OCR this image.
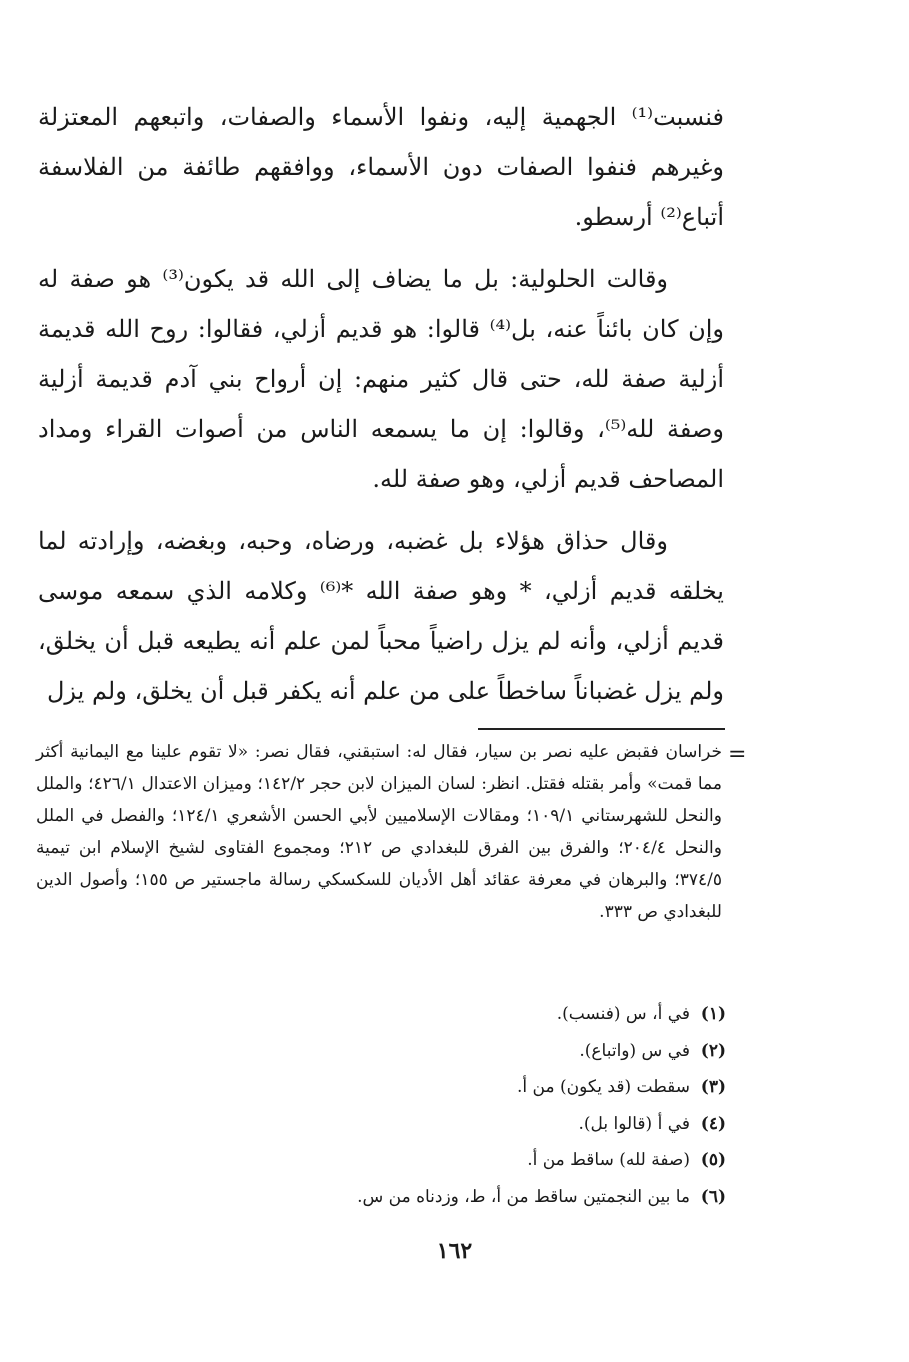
فنسبت⁽¹⁾ الجهمية إليه، ونفوا الأسماء والصفات، واتبعهم المعتزلة وغيرهم فنفوا الصفات دون الأسماء، ووافقهم طائفة من الفلاسفة أتباع⁽²⁾ أرسطو.

وقالت الحلولية: بل ما يضاف إلى الله قد يكون⁽³⁾ هو صفة له وإن كان بائناً عنه، بل⁽⁴⁾ قالوا: هو قديم أزلي، فقالوا: روح الله قديمة أزلية صفة لله، حتى قال كثير منهم: إن أرواح بني آدم قديمة أزلية وصفة لله⁽⁵⁾، وقالوا: إن ما يسمعه الناس من أصوات القراء ومداد المصاحف قديم أزلي، وهو صفة لله.

وقال حذاق هؤلاء بل غضبه، ورضاه، وحبه، وبغضه، وإرادته لما يخلقه قديم أزلي، * وهو صفة الله *⁽⁶⁾ وكلامه الذي سمعه موسى قديم أزلي، وأنه لم يزل راضياً محباً لمن علم أنه يطيعه قبل أن يخلق، ولم يزل غضباناً ساخطاً على من علم أنه يكفر قبل أن يخلق، ولم يزل

=
خراسان فقبض عليه نصر بن سيار، فقال له: استبقني، فقال نصر: «لا تقوم علينا مع اليمانية أكثر مما قمت» وأمر بقتله فقتل. انظر: لسان الميزان لابن حجر ١٤٢/٢؛ وميزان الاعتدال ٤٢٦/١؛ والملل والنحل للشهرستاني ١٠٩/١؛ ومقالات الإسلاميين لأبي الحسن الأشعري ١٢٤/١؛ والفصل في الملل والنحل ٢٠٤/٤؛ والفرق بين الفرق للبغدادي ص ٢١٢؛ ومجموع الفتاوى لشيخ الإسلام ابن تيمية ٣٧٤/٥؛ والبرهان في معرفة عقائد أهل الأديان للسكسكي رسالة ماجستير ص ١٥٥؛ وأصول الدين للبغدادي ص ٣٣٣.
(١)
في أ، س (فنسب).
(٢)
في س (واتباع).
(٣)
سقطت (قد يكون) من أ.
(٤)
في أ (قالوا بل).
(٥)
(صفة لله) ساقط من أ.
(٦)
ما بين النجمتين ساقط من أ، ط، وزدناه من س.
١٦٢
